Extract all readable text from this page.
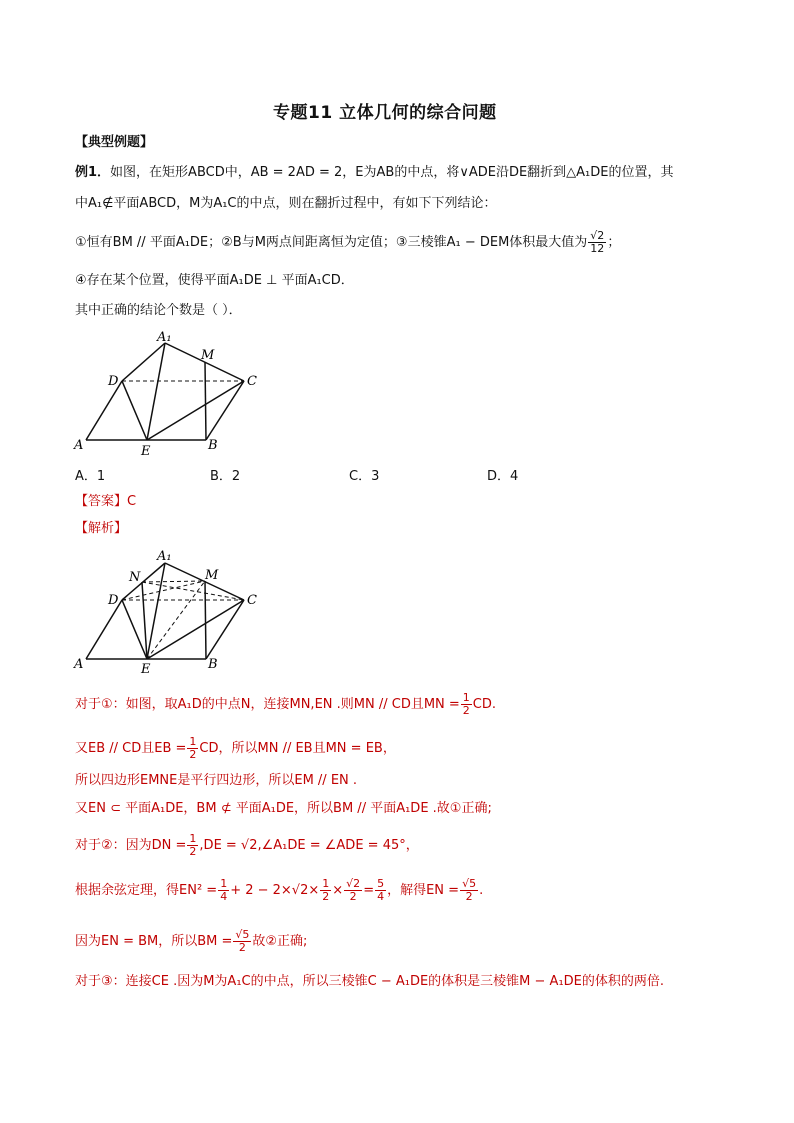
专题11 立体几何的综合问题
【典型例题】
例1．如图，在矩形ABCD中，AB = 2AD = 2，E为AB的中点，将∨ADE沿DE翻折到△A₁DE的位置，其
中A₁∉平面ABCD，M为A₁C的中点，则在翻折过程中，有如下下列结论：
①恒有BM // 平面A₁DE；②B与M两点间距离恒为定值；③三棱锥A₁ − DEM体积最大值为 $\frac{√2}{12}$ ；
④存在某个位置，使得平面A₁DE ⊥ 平面A₁CD．
其中正确的结论个数是（ ）．
A₁
M
D	C
A	E	B
A．1	B．2	C．3	D．4
【答案】C
【解析】
A₁
N	M
D	C
A	E	B
对于①：如图，取A₁D的中点N，连接MN,EN .则MN // CD且MN = $\frac{1}{2}$ CD.
又EB // CD且EB = $\frac{1}{2}$ CD，所以MN // EB且MN = EB，
所以四边形EMNE是平行四边形，所以EM // EN .
又EN ⊂ 平面A₁DE，BM ⊄ 平面A₁DE，所以BM // 平面A₁DE .故①正确;
对于②：因为DN = $\frac{1}{2} ,DE$ = √2,∠A₁DE = ∠ADE = 45°，
根据余弦定理，得$EN^2 = \frac{1}{4} + 2 - 2\times√2\times \frac{1}{2} \times \frac{√2}{2} = \frac{5}{4}$ ，解得EN = $\frac{√5}{2}$ .
因为EN = BM，所以BM = $\frac{√5}{2}$ 故②正确;
对于③：连接CE .因为M为A₁C的中点，所以三棱锥C − A₁DE的体积是三棱锥M − A₁DE的体积的两倍.
